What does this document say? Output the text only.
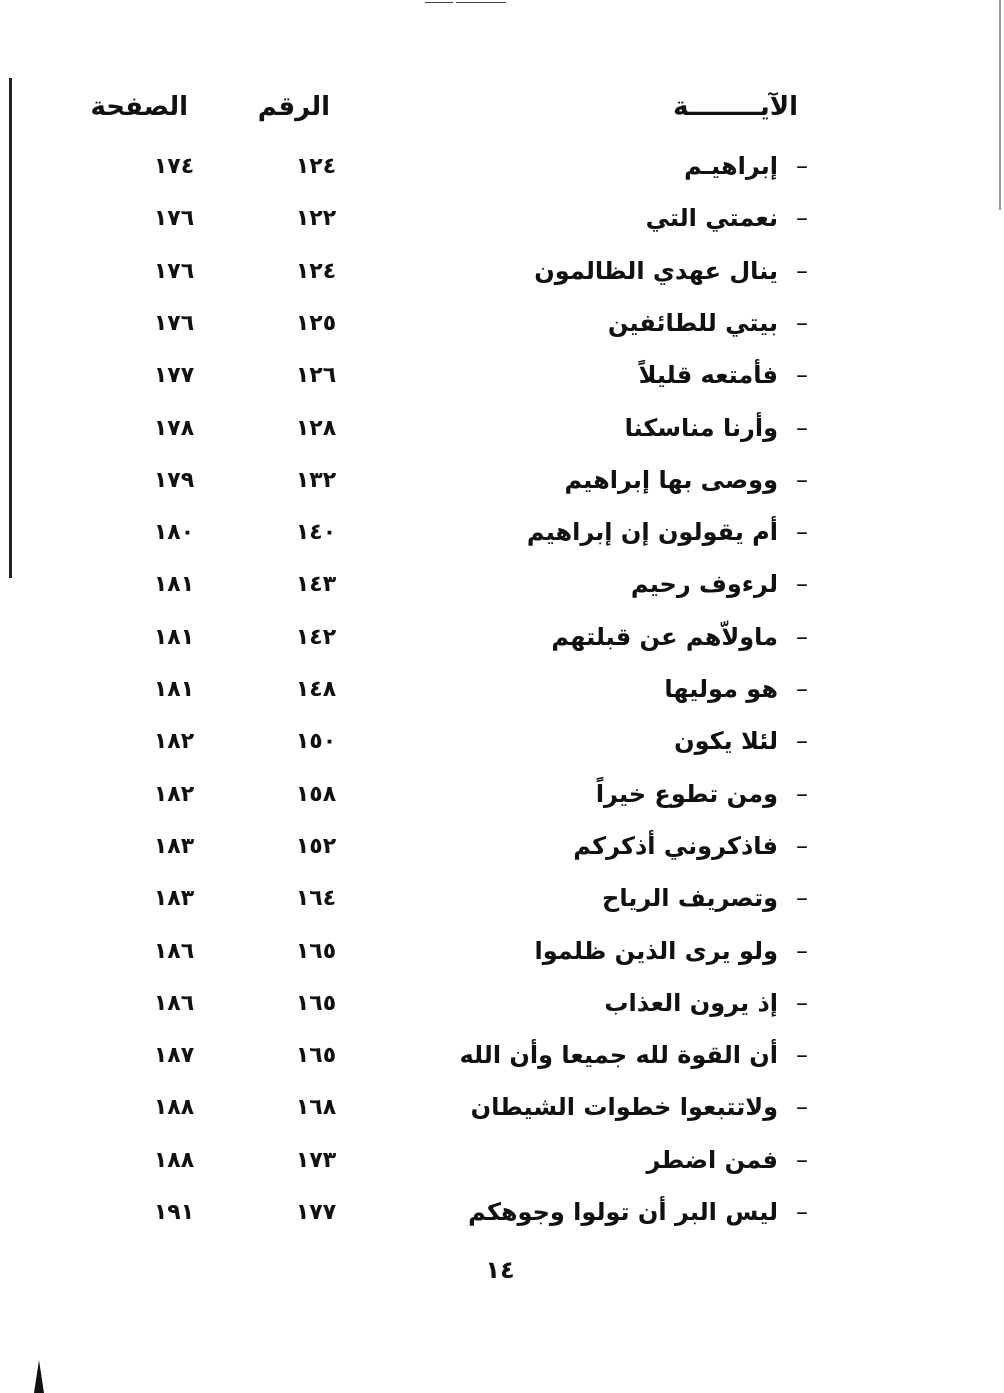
الآيــــــــة
الرقم
الصفحة
–إبراهيـم
١٢٤
١٧٤
–نعمتي التي
١٢٢
١٧٦
–ينال عهدي الظالمون
١٢٤
١٧٦
–بيتي للطائفين
١٢٥
١٧٦
–فأمتعه قليلاً
١٢٦
١٧٧
–وأرنا مناسكنا
١٢٨
١٧٨
–ووصى بها إبراهيم
١٣٢
١٧٩
–أم يقولون إن إبراهيم
١٤٠
١٨٠
–لرءوف رحيم
١٤٣
١٨١
–ماولاّهم عن قبلتهم
١٤٢
١٨١
–هو موليها
١٤٨
١٨١
–لئلا يكون
١٥٠
١٨٢
–ومن تطوع خيراً
١٥٨
١٨٢
–فاذكروني أذكركم
١٥٢
١٨٣
–وتصريف الرياح
١٦٤
١٨٣
–ولو يرى الذين ظلموا
١٦٥
١٨٦
–إذ يرون العذاب
١٦٥
١٨٦
–أن القوة لله جميعا وأن الله
١٦٥
١٨٧
–ولاتتبعوا خطوات الشيطان
١٦٨
١٨٨
–فمن اضطر
١٧٣
١٨٨
–ليس البر أن تولوا وجوهكم
١٧٧
١٩١
١٤
